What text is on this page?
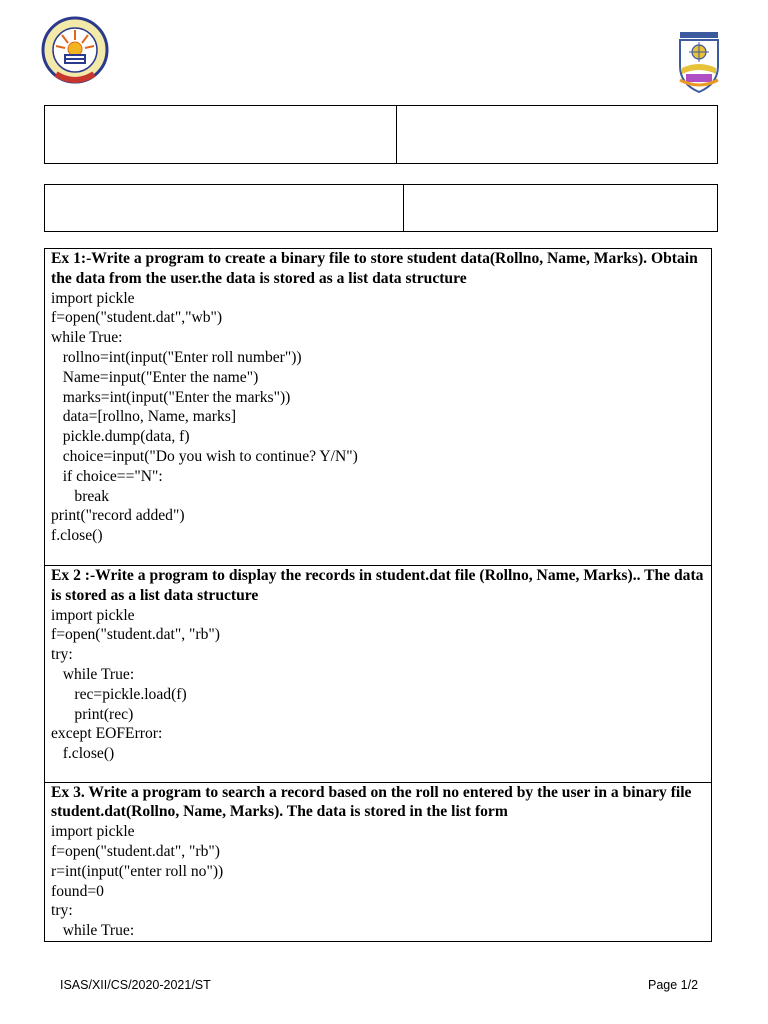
Ex 1:-Write a program to create a binary file to store student data(Rollno, Name, Marks). Obtain the data from the user.the data is stored as a list data structure

import pickle
f=open("student.dat","wb")
while True:
rollno=int(input("Enter roll number"))
Name=input("Enter the name")
marks=int(input("Enter the marks"))
data=[rollno, Name, marks]
pickle.dump(data, f)
choice=input("Do you wish to continue? Y/N")
if choice=="N":
break
print("record added")
f.close()

Ex 2 :-Write a program to display the records in student.dat file (Rollno, Name, Marks).. The data is stored as a list data structure

import pickle
f=open("student.dat", "rb")
try:
while True:
rec=pickle.load(f)
print(rec)
except EOFError:
f.close()

Ex 3. Write a program to search a record based on the roll no entered by the user in a binary file student.dat(Rollno, Name, Marks). The data is stored in the list form

import pickle
f=open("student.dat", "rb")
r=int(input("enter roll no"))
found=0
try:
while True:
ISAS/XII/CS/2020-2021/ST	Page 1/2
